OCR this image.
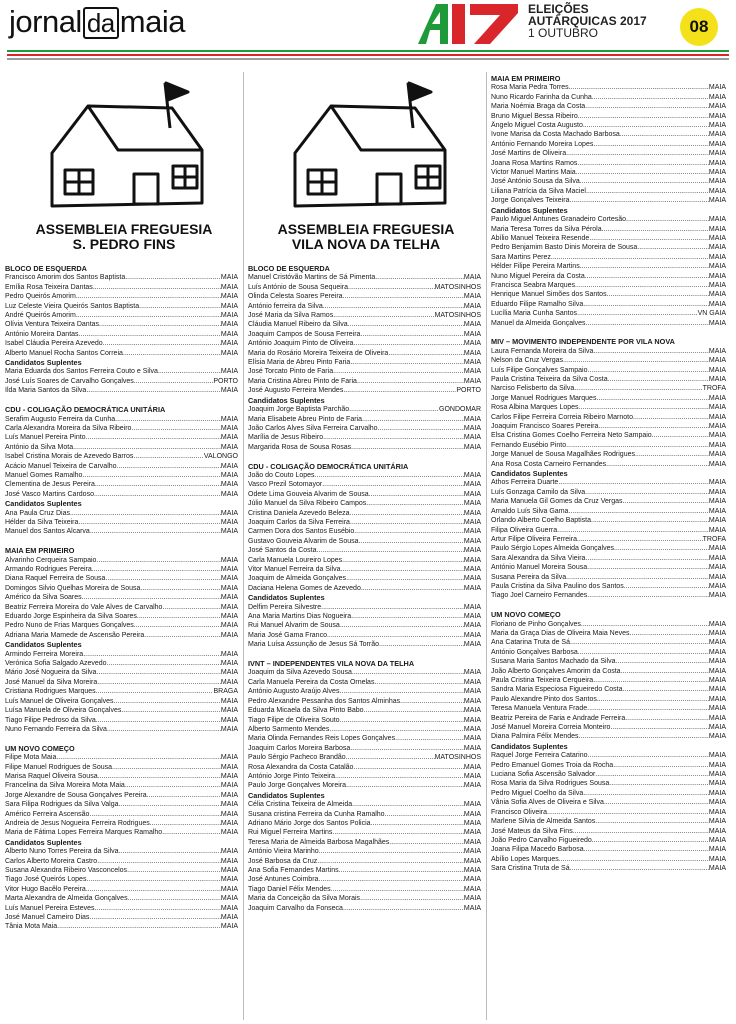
jornal da maia	ELEIÇÕES
AUTÁRQUICAS 2017
1 OUTUBRO	08
ASSEMBLEIA FREGUESIA
S. PEDRO FINS
ASSEMBLEIA FREGUESIA
VILA NOVA DA TELHA
BLOCO DE ESQUERDA
Francisco Amorim dos Santos Baptista .....	MAIA
Emília Rosa Teixeira Dantas .....	MAIA
Pedro Queirós Amorim .....	MAIA
Luz Celeste Vieira Queirós Santos Baptista .....	MAIA
André Queirós Amorim .....	MAIA
Olívia Ventura Teixeira Dantas .....	MAIA
António Moreira Dantas .....	MAIA
Isabel Cláudia Pereira Azevedo .....	MAIA
Alberto Manuel Rocha Santos Correia .....	MAIA
Candidatos Suplentes
Maria Eduarda dos Santos Ferreira Couto e Silva .....	MAIA
José Luís Soares de Carvalho Gonçalves .....	PORTO
Ilda Maria Santos da Silva .....	MAIA
CDU - COLIGAÇÃO DEMOCRÁTICA UNITÁRIA
Serafim Augusto Ferreira da Cunha .....	MAIA
Carla Alexandra Moreira da Silva Ribeiro .....	MAIA
Luís Manuel Pereira Pinto .....	MAIA
António da Silva Mota .....	MAIA
Isabel Cristina Morais de Azevedo Barros .....	VALONGO
Acácio Manuel Teixeira de Carvalho .....	MAIA
Manuel Gomes Ramalho .....	MAIA
Clementina de Jesus Pereira .....	MAIA
José Vasco Martins Cardoso .....	MAIA
Candidatos Suplentes
Ana Paula Cruz Dias .....	MAIA
Hélder da Silva Teixeira .....	MAIA
Manuel dos Santos Alcarva .....	MAIA
MAIA EM PRIMEIRO
Alvarinho Cerqueira Sampaio .....	MAIA
Armando Rodrigues Pereira .....	MAIA
Diana Raquel Ferreira de Sousa .....	MAIA
Domingos Silvio Quelhas Moreira de Sousa .....	MAIA
Américo da Silva Soares .....	MAIA
Beatriz Ferreira Moreira do Vale Alves de Carvalho .....	MAIA
Eduardo Jorge Espinheira da Silva Soares .....	MAIA
Pedro Nuno de Frias Marques Gonçalves .....	MAIA
Adriana Maria Mamede de Ascensão Pereira .....	MAIA
Candidatos Suplentes
Armindo Ferreira Moreira .....	MAIA
Verónica Sofia Salgado Azevedo .....	MAIA
Mário José Nogueira da Silva .....	MAIA
José Manuel da Silva Moreira .....	MAIA
Cristiana Rodrigues Marques .....	BRAGA
Luís Manuel de Oliveira Gonçalves .....	MAIA
Luísa Manuela de Oliveira Gonçalves .....	MAIA
Tiago Filipe Pedroso da Silva .....	MAIA
Nuno Fernando Ferreira da Silva .....	MAIA
UM NOVO COMEÇO
Filipe Mota Maia .....	MAIA
Filipe Manuel Rodrigues de Sousa .....	MAIA
Marisa Raquel Oliveira Sousa .....	MAIA
Francelina da Silva Moreira Mota Maia .....	MAIA
Jorge Alexandre de Sousa Gonçalves Pereira .....	MAIA
Sara Filipa Rodrigues da Silva Valga .....	MAIA
Américo Ferreira Ascensão .....	MAIA
Andreia de Jesus Nogueira Ferreira Rodrigues .....	MAIA
Maria de Fátima Lopes Ferreira Marques Ramalho .....	MAIA
Candidatos Suplentes
Alberto Nuno Torres Pereira da Silva .....	MAIA
Carlos Alberto Moreira Castro .....	MAIA
Susana Alexandra Ribeiro Vasconcelos .....	MAIA
Tiago José Queirós Lopes .....	MAIA
Vitor Hugo Bacêlo Pereira .....	MAIA
Marta Alexandra de Almeida Gonçalves .....	MAIA
Luís Manuel Pereira Esteves .....	MAIA
José Manuel Carneiro Dias .....	MAIA
Tânia Mota Maia .....	MAIA
BLOCO DE ESQUERDA
Manuel Cristóvão Martins de Sá Pimenta .....	MAIA
Luís António de Sousa Sequeira .....	MATOSINHOS
Olinda Celesta Soares Pereira .....	MAIA
António ferreira da Silva .....	MAIA
José Maria da Silva Ramos .....	MATOSINHOS
Cláudia Manuel Ribeiro da Silva .....	MAIA
Joaquim Campos de Sousa Ferreira .....	MAIA
António Joaquim Pinto de Oliveira .....	MAIA
Maria do Rosário Moreira Teixeira de Oliveira .....	MAIA
Elísia Maria de Abreu Pinto Faria .....	MAIA
José Torcato Pinto de Faria .....	MAIA
Maria Cristina Abreu Pinto de Faria .....	MAIA
José Augusto Ferreira Mendes .....	PORTO
Candidatos Suplentes
Joaquim Jorge Baptista Parchão .....	GONDOMAR
Maria Elisabete Abreu Pinto de Faria .....	MAIA
João Carlos Alves Silva Ferreira Carvalho .....	MAIA
Marília de Jesus Ribeiro .....	MAIA
Margarida Rosa de Sousa Rosas .....	MAIA
CDU - COLIGAÇÃO DEMOCRÁTICA UNITÁRIA
João do Couto Lopes .....	MAIA
Vasco Prezil Sotomayor .....	MAIA
Odete Lima Gouveia Alvarim de Sousa .....	MAIA
Júlio Manuel da Silva Ribeiro Campos .....	MAIA
Cristina Daniela Azevedo Beleza .....	MAIA
Joaquim Carlos da Silva Ferreira .....	MAIA
Carmen Dora dos Santos Eusébio .....	MAIA
Gustavo Gouveia Alvarim de Sousa .....	MAIA
José Santos da Costa .....	MAIA
Carla Manuela Loureiro Lopes .....	MAIA
Vitor Manuel Ferreira da Silva .....	MAIA
Joaquim de Almeida Gonçalves .....	MAIA
Daciana Helena Gomes de Azevedo .....	MAIA
Candidatos Suplentes
Delfim Pereira Silvestre .....	MAIA
Ana Maria Martins Dias Nogueira .....	MAIA
Rui Manuel Alvarim de Sousa .....	MAIA
Maria José Gama Franco .....	MAIA
Maria Luísa Assunção de Jesus Sá Torrão .....	MAIA
IVNT – INDEPENDENTES VILA NOVA DA TELHA
Joaquim da Silva Azevedo Sousa .....	MAIA
Carla Manuela Pereira da Costa Ornelas .....	MAIA
António Augusto Araújo Alves .....	MAIA
Pedro Alexandre Pessanha dos Santos Alminhas .....	MAIA
Eduarda Micaela da Silva Pinto Babo .....	MAIA
Tiago Filipe de Oliveira Souto .....	MAIA
Alberto Sarmento Mendes .....	MAIA
Maria Olinda Fernandes Reis Lopes Gonçalves .....	MAIA
Joaquim Carlos Moreira Barbosa .....	MAIA
Paulo Sérgio Pacheco Brandão .....	MATOSINHOS
Rosa Alexandra da Costa Catalão .....	MAIA
António Jorge Pinto Teixeira .....	MAIA
Paulo Jorge Gonçalves Moreira .....	MAIA
Candidatos Suplentes
Célia Cristina Teixeira de Almeida .....	MAIA
Susana cristina Ferreira da Cunha Ramalho .....	MAIA
Adriano Mário Jorge dos Santos Policia .....	MAIA
Rui Miguel Ferreira Martins .....	MAIA
Teresa Maria de Almeida Barbosa Magalhães .....	MAIA
António Vieira Marinho .....	MAIA
José Barbosa da Cruz .....	MAIA
Ana Sofia Fernandes Martins .....	MAIA
José Antunes Coimbra .....	MAIA
Tiago Daniel Félix Mendes .....	MAIA
Maria da Conceição da Silva Morais .....	MAIA
Joaquim Carvalho da Fonseca .....	MAIA
MAIA EM PRIMEIRO
Rosa Maria Pedra Torres .....	MAIA
Nuno Ricardo Farinha da Cunha .....	MAIA
Maria Noémia Braga da Costa .....	MAIA
Bruno Miguel Bessa Ribeiro .....	MAIA
Ângelo Miguel Costa Augusto .....	MAIA
Ivone Marisa da Costa Machado Barbosa .....	MAIA
António Fernando Moreira Lopes .....	MAIA
José Martins de Oliveira .....	MAIA
Joana Rosa Martins Ramos .....	MAIA
Victor Manuel Martins Maia .....	MAIA
José António Sousa da Silva .....	MAIA
Liliana Patrícia da Silva Maciel .....	MAIA
Jorge Gonçalves Teixeira .....	MAIA
Candidatos Suplentes
Paulo Miguel Antunes Granadeiro Cortesão .....	MAIA
Maria Teresa Torres da Silva Pérola .....	MAIA
Abílio Manuel Teixeira Resende .....	MAIA
Pedro Benjamim Basto Dinis Moreira de Sousa .....	MAIA
Sara Martins Perez .....	MAIA
Hélder Filipe Pereira Martins .....	MAIA
Nuno Miguel Pereira da Costa .....	MAIA
Francisca Seabra Marques .....	MAIA
Henrique Manuel Simões dos Santos .....	MAIA
Eduardo Filipe Ramalho Silva .....	MAIA
Lucília Maria Cunha Santos .....	VN GAIA
Manuel da Almeida Gonçalves .....	MAIA
MIV – MOVIMENTO INDEPENDENTE POR VILA NOVA
Laura Fernanda Moreira da Silva .....	MAIA
Nelson da Cruz Vergas .....	MAIA
Luís Filipe Gonçalves Sampaio .....	MAIA
Paula Cristina Teixeira da Silva Costa .....	MAIA
Narciso Felisberto da Silva .....	TROFA
Jorge Manuel Rodrigues Marques .....	MAIA
Rosa Albina Marques Lopes .....	MAIA
Carlos Filipe Ferreira Correia Ribeiro Marnoto .....	MAIA
Joaquim Francisco Soares Pereira .....	MAIA
Elsa Cristina Gomes Coelho Ferreira Neto Sampaio .....	MAIA
Fernando Eusébio Pinto .....	MAIA
Jorge Manuel de Sousa Magalhães Rodrigues .....	MAIA
Ana Rosa Costa Carneiro Fernandes .....	MAIA
Candidatos Suplentes
Athos Ferreira Duarte .....	MAIA
Luís Gonzaga Camilo da Silva .....	MAIA
Maria Manuela Gil Gomes da Cruz Vergas .....	MAIA
Arnaldo Luís Silva Gama .....	MAIA
Orlando Alberto Coelho Baptista .....	MAIA
Filipa Oliveira Guerra .....	MAIA
Artur Filipe Oliveira Ferreira .....	TROFA
Paulo Sérgio Lopes Almeida Gonçalves .....	MAIA
Sara Alexandra da Silva Vieira .....	MAIA
António Manuel Moreira Sousa .....	MAIA
Susana Pereira da Silva .....	MAIA
Paula Cristina da Silva Paulino dos Santos .....	MAIA
Tiago Joel Carneiro Fernandes .....	MAIA
UM NOVO COMEÇO
Floriano de Pinho Gonçalves .....	MAIA
Maria da Graça Dias de Oliveira Maia Neves .....	MAIA
Ana Catarina Truta de Sá .....	MAIA
António Gonçalves Barbosa .....	MAIA
Susana Maria Santos Machado da Silva .....	MAIA
João Alberto Gonçalves Amorim da Costa .....	MAIA
Paula Cristina Teixeira Cerqueira .....	MAIA
Sandra Maria Especiosa Figueiredo Costa .....	MAIA
Paulo Alexandre Pinto dos Santos .....	MAIA
Teresa Manuela Ventura Frade .....	MAIA
Beatriz Pereira de Faria e Andrade Ferreira .....	MAIA
José Manuel Moreira Correia Monteiro .....	MAIA
Diana Palmira Félix Mendes .....	MAIA
Candidatos Suplentes
Raquel Jorge Ferreira Catarino .....	MAIA
Pedro Emanuel Gomes Troia da Rocha .....	MAIA
Luciana Sofia Ascensão Salvador .....	MAIA
Rosa Maria da Silva Rodrigues Sousa .....	MAIA
Pedro Miguel Coelho da Silva .....	MAIA
Vânia Sofia Alves de Oliveira e Silva .....	MAIA
Francisco Oliveira .....	MAIA
Marlene Silvia de Almeida Santos .....	MAIA
José Mateus da Silva Fins .....	MAIA
João Pedro Carvalho Figueiredo .....	MAIA
Joana Filipa Macedo Barbosa .....	MAIA
Abílio Lopes Marques .....	MAIA
Sara Cristina Truta de Sá .....	MAIA
